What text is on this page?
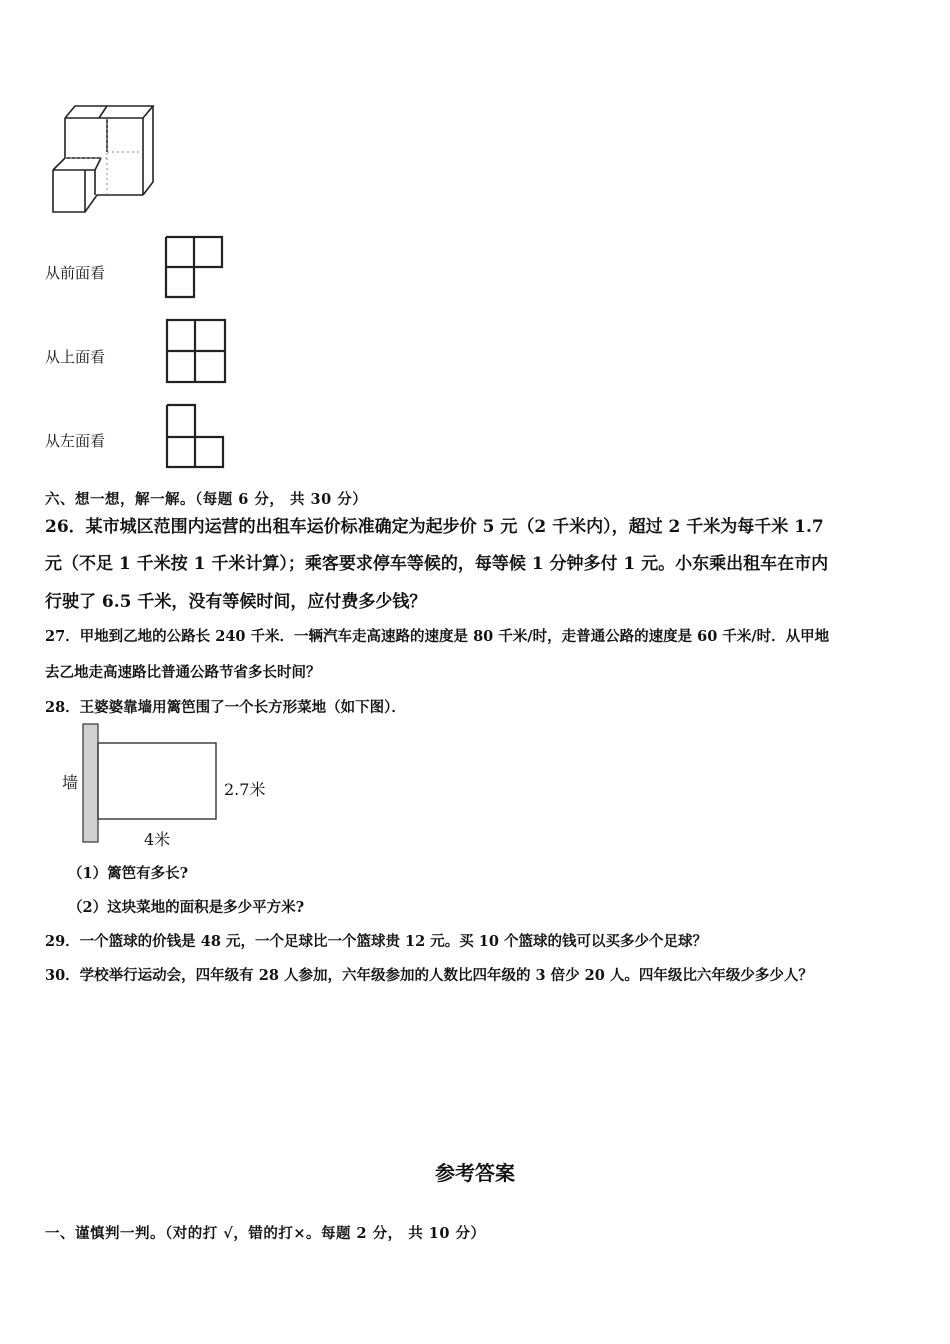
从前面看
从上面看
从左面看
六、想一想，解一解。（每题 6 分， 共 30 分）
26．某市城区范围内运营的出租车运价标准确定为起步价 5 元（2 千米内），超过 2 千米为每千米 1.7
元（不足 1 千米按 1 千米计算）；乘客要求停车等候的，每等候 1 分钟多付 1 元。小东乘出租车在市内
行驶了 6.5 千米，没有等候时间，应付费多少钱？
27．甲地到乙地的公路长 240 千米．一辆汽车走高速路的速度是 80 千米/时，走普通公路的速度是 60 千米/时．从甲地
去乙地走高速路比普通公路节省多长时间？
28．王婆婆靠墙用篱笆围了一个长方形菜地（如下图）．
墙	2.7米
4米
（1）篱笆有多长?
（2）这块菜地的面积是多少平方米?
29．一个篮球的价钱是 48 元，一个足球比一个篮球贵 12 元。买 10 个篮球的钱可以买多少个足球？
30．学校举行运动会，四年级有 28 人参加，六年级参加的人数比四年级的 3 倍少 20 人。四年级比六年级少多少人？
参考答案
一、谨慎判一判。（对的打 √，错的打×。每题 2 分， 共 10 分）
